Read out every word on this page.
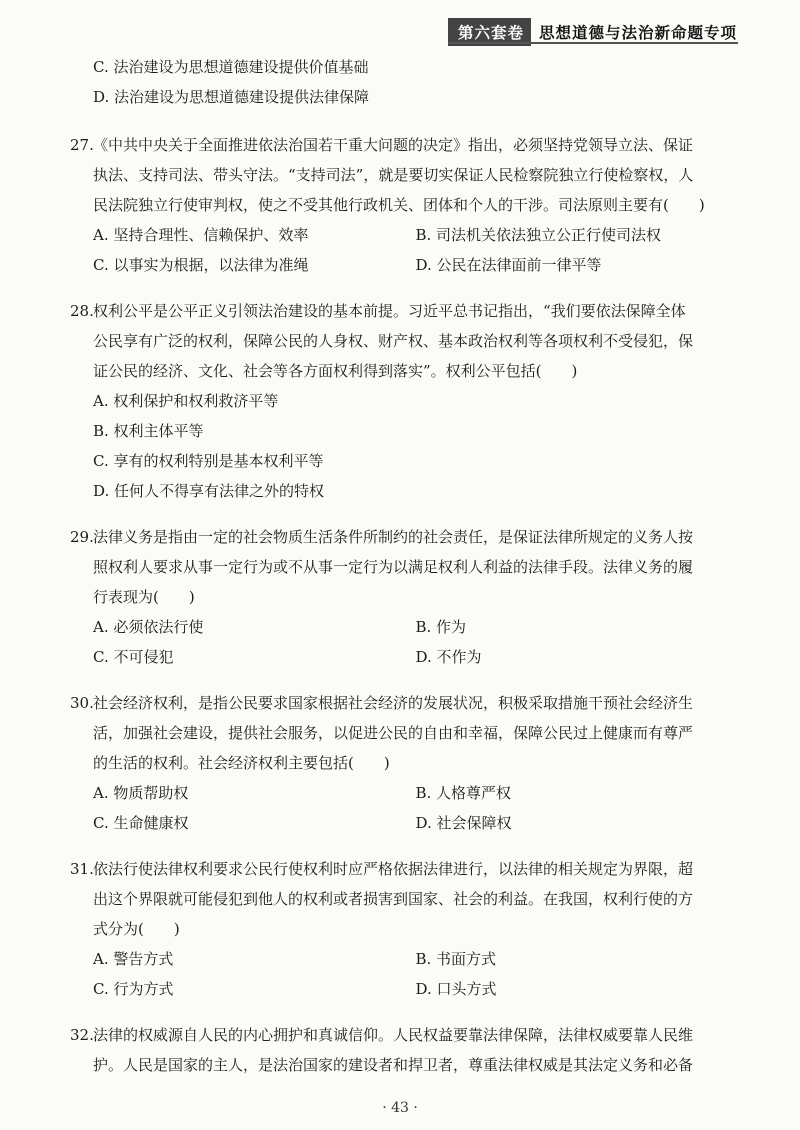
第六套卷 思想道德与法治新命题专项
C. 法治建设为思想道德建设提供价值基础
D. 法治建设为思想道德建设提供法律保障
27. 《中共中央关于全面推进依法治国若干重大问题的决定》指出，必须坚持党领导立法、保证
执法、支持司法、带头守法。“支持司法”，就是要切实保证人民检察院独立行使检察权，人
民法院独立行使审判权，使之不受其他行政机关、团体和个人的干涉。司法原则主要有(　　)
A. 坚持合理性、信赖保护、效率	B. 司法机关依法独立公正行使司法权
C. 以事实为根据，以法律为准绳	D. 公民在法律面前一律平等
28. 权利公平是公平正义引领法治建设的基本前提。习近平总书记指出，“我们要依法保障全体
公民享有广泛的权利，保障公民的人身权、财产权、基本政治权利等各项权利不受侵犯，保
证公民的经济、文化、社会等各方面权利得到落实”。权利公平包括(　　)
A. 权利保护和权利救济平等
B. 权利主体平等
C. 享有的权利特别是基本权利平等
D. 任何人不得享有法律之外的特权
29. 法律义务是指由一定的社会物质生活条件所制约的社会责任，是保证法律所规定的义务人按
照权利人要求从事一定行为或不从事一定行为以满足权利人利益的法律手段。法律义务的履
行表现为(　　)
A. 必须依法行使	B. 作为
C. 不可侵犯	D. 不作为
30. 社会经济权利，是指公民要求国家根据社会经济的发展状况，积极采取措施干预社会经济生
活，加强社会建设，提供社会服务，以促进公民的自由和幸福，保障公民过上健康而有尊严
的生活的权利。社会经济权利主要包括(　　)
A. 物质帮助权	B. 人格尊严权
C. 生命健康权	D. 社会保障权
31. 依法行使法律权利要求公民行使权利时应严格依据法律进行，以法律的相关规定为界限，超
出这个界限就可能侵犯到他人的权利或者损害到国家、社会的利益。在我国，权利行使的方
式分为(　　)
A. 警告方式	B. 书面方式
C. 行为方式	D. 口头方式
32. 法律的权威源自人民的内心拥护和真诚信仰。人民权益要靠法律保障，法律权威要靠人民维
护。人民是国家的主人，是法治国家的建设者和捍卫者，尊重法律权威是其法定义务和必备
· 43 ·
